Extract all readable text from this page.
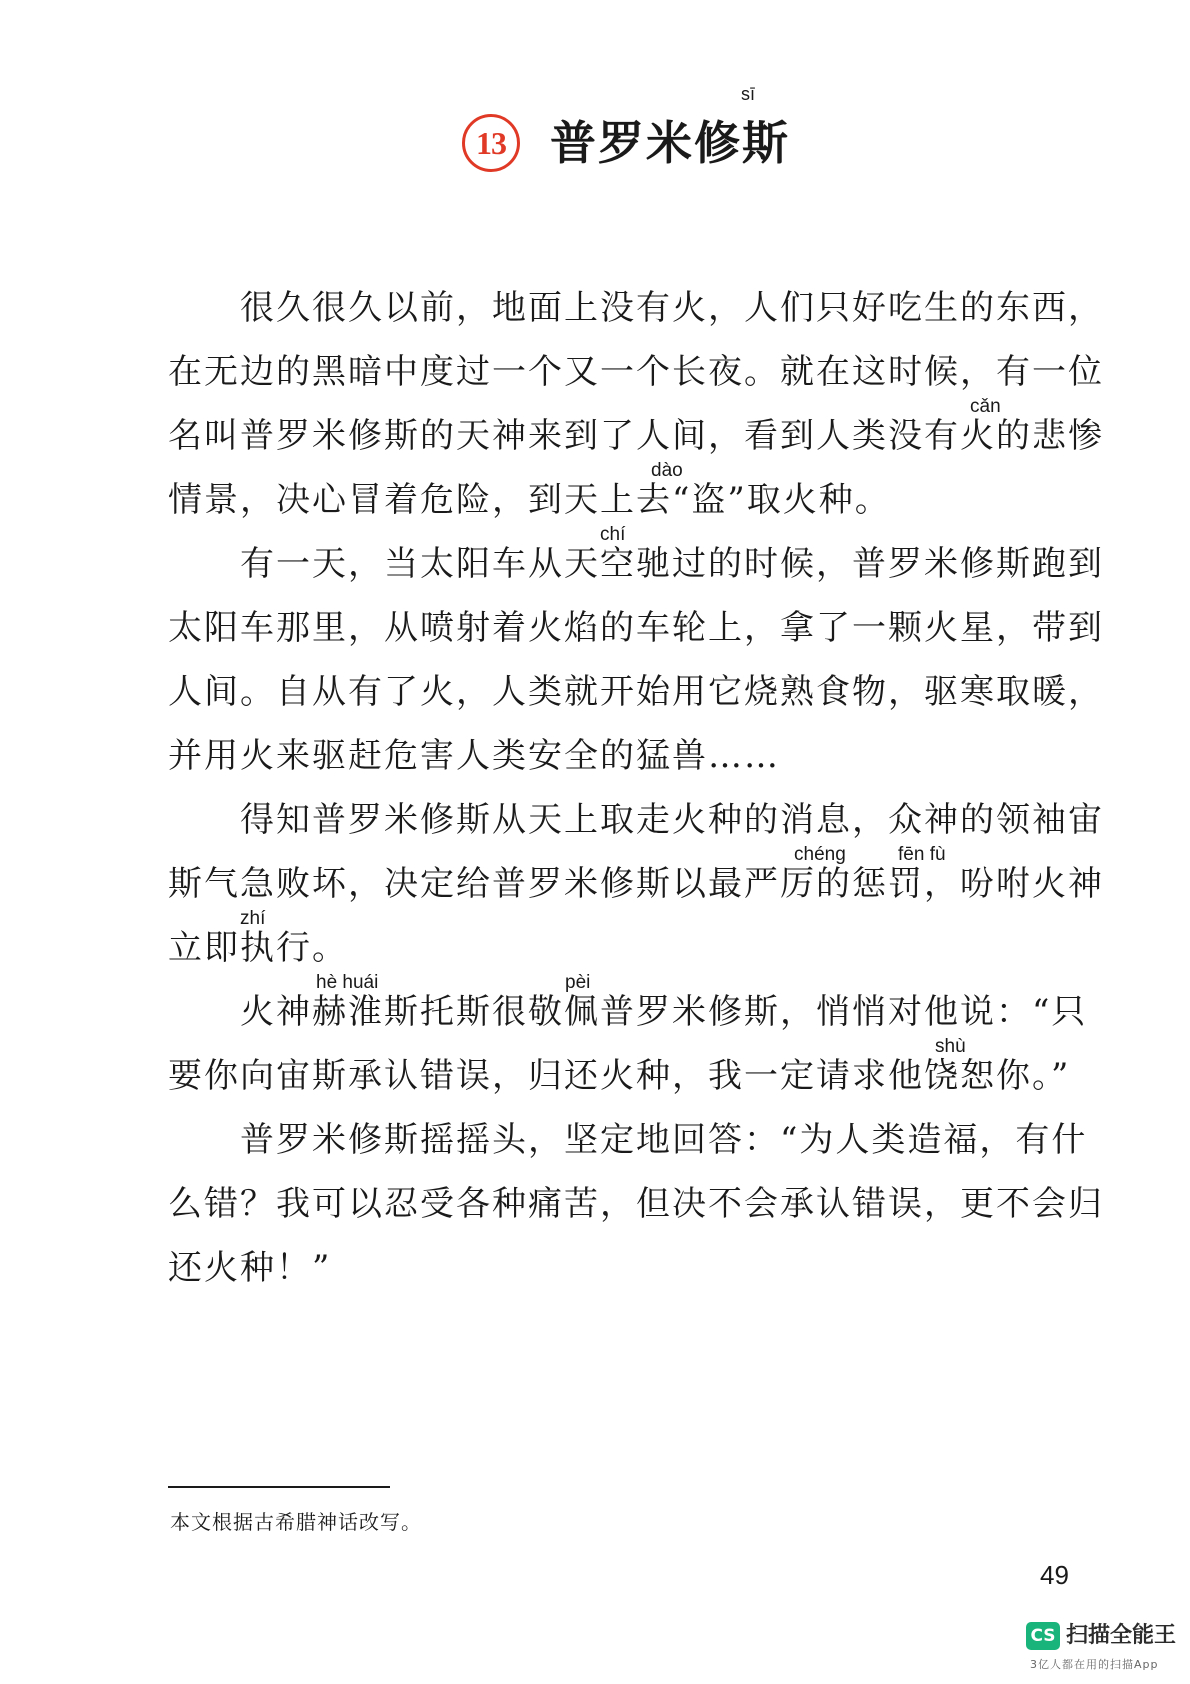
13
sī
普罗米修斯

很久很久以前，地面上没有火，人们只好吃生的东西，

在无边的黑暗中度过一个又一个长夜。就在这时候，有一位

名叫普罗米修斯的天神来到了人间，看到人类没有火的悲惨

情景，决心冒着危险，到天上去“盗”取火种。

有一天，当太阳车从天空驰过的时候，普罗米修斯跑到

太阳车那里，从喷射着火焰的车轮上，拿了一颗火星，带到

人间。自从有了火，人类就开始用它烧熟食物，驱寒取暖，

并用火来驱赶危害人类安全的猛兽……

得知普罗米修斯从天上取走火种的消息，众神的领袖宙

斯气急败坏，决定给普罗米修斯以最严厉的惩罚，吩咐火神

立即执行。

火神赫淮斯托斯很敬佩普罗米修斯，悄悄对他说：“只

要你向宙斯承认错误，归还火种，我一定请求他饶恕你。”

普罗米修斯摇摇头，坚定地回答：“为人类造福，有什

么错？我可以忍受各种痛苦，但决不会承认错误，更不会归

还火种！”

cǎn
dào
chí
chéng	fēn fù
zhí
hè huái	pèi
shù
本文根据古希腊神话改写。
49
CS 扫描全能王
3亿人都在用的扫描App
